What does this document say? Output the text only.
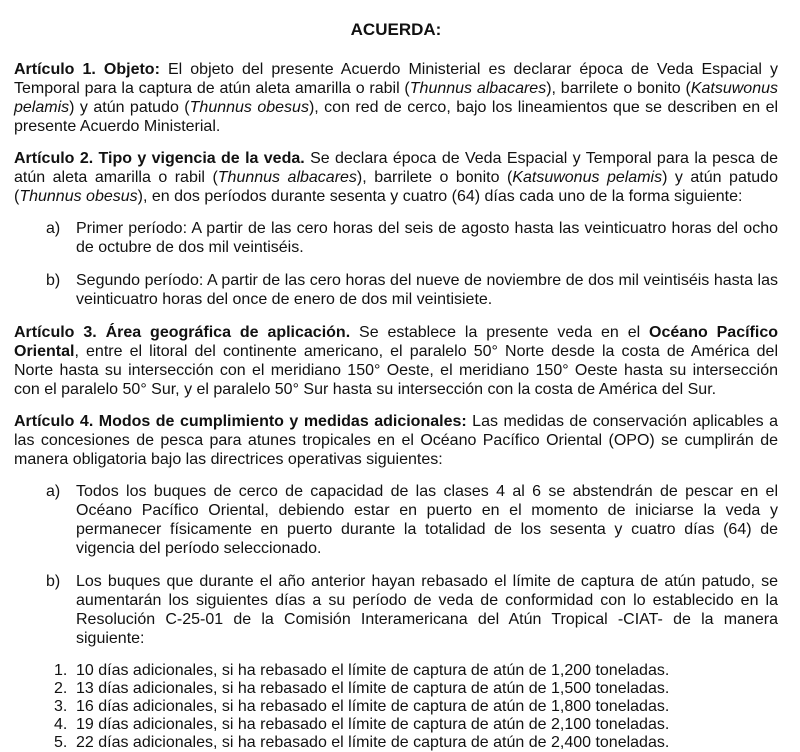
ACUERDA:

Artículo 1. Objeto: El objeto del presente Acuerdo Ministerial es declarar época de Veda Espacial y Temporal para la captura de atún aleta amarilla o rabil (Thunnus albacares), barrilete o bonito (Katsuwonus pelamis) y atún patudo (Thunnus obesus), con red de cerco, bajo los lineamientos que se describen en el presente Acuerdo Ministerial.

Artículo 2. Tipo y vigencia de la veda. Se declara época de Veda Espacial y Temporal para la pesca de atún aleta amarilla o rabil (Thunnus albacares), barrilete o bonito (Katsuwonus pelamis) y atún patudo (Thunnus obesus), en dos períodos durante sesenta y cuatro (64) días cada uno de la forma siguiente:

a) Primer período: A partir de las cero horas del seis de agosto hasta las veinticuatro horas del ocho de octubre de dos mil veintiséis.
b) Segundo período: A partir de las cero horas del nueve de noviembre de dos mil veintiséis hasta las veinticuatro horas del once de enero de dos mil veintisiete.

Artículo 3. Área geográfica de aplicación. Se establece la presente veda en el Océano Pacífico Oriental, entre el litoral del continente americano, el paralelo 50° Norte desde la costa de América del Norte hasta su intersección con el meridiano 150° Oeste, el meridiano 150° Oeste hasta su intersección con el paralelo 50° Sur, y el paralelo 50° Sur hasta su intersección con la costa de América del Sur.

Artículo 4. Modos de cumplimiento y medidas adicionales: Las medidas de conservación aplicables a las concesiones de pesca para atunes tropicales en el Océano Pacífico Oriental (OPO) se cumplirán de manera obligatoria bajo las directrices operativas siguientes:

a) Todos los buques de cerco de capacidad de las clases 4 al 6 se abstendrán de pescar en el Océano Pacífico Oriental, debiendo estar en puerto en el momento de iniciarse la veda y permanecer físicamente en puerto durante la totalidad de los sesenta y cuatro días (64) de vigencia del período seleccionado.
b) Los buques que durante el año anterior hayan rebasado el límite de captura de atún patudo, se aumentarán los siguientes días a su período de veda de conformidad con lo establecido en la Resolución C-25-01 de la Comisión Interamericana del Atún Tropical -CIAT- de la manera siguiente:
1. 10 días adicionales, si ha rebasado el límite de captura de atún de 1,200 toneladas.
2. 13 días adicionales, si ha rebasado el límite de captura de atún de 1,500 toneladas.
3. 16 días adicionales, si ha rebasado el límite de captura de atún de 1,800 toneladas.
4. 19 días adicionales, si ha rebasado el límite de captura de atún de 2,100 toneladas.
5. 22 días adicionales, si ha rebasado el límite de captura de atún de 2,400 toneladas.
